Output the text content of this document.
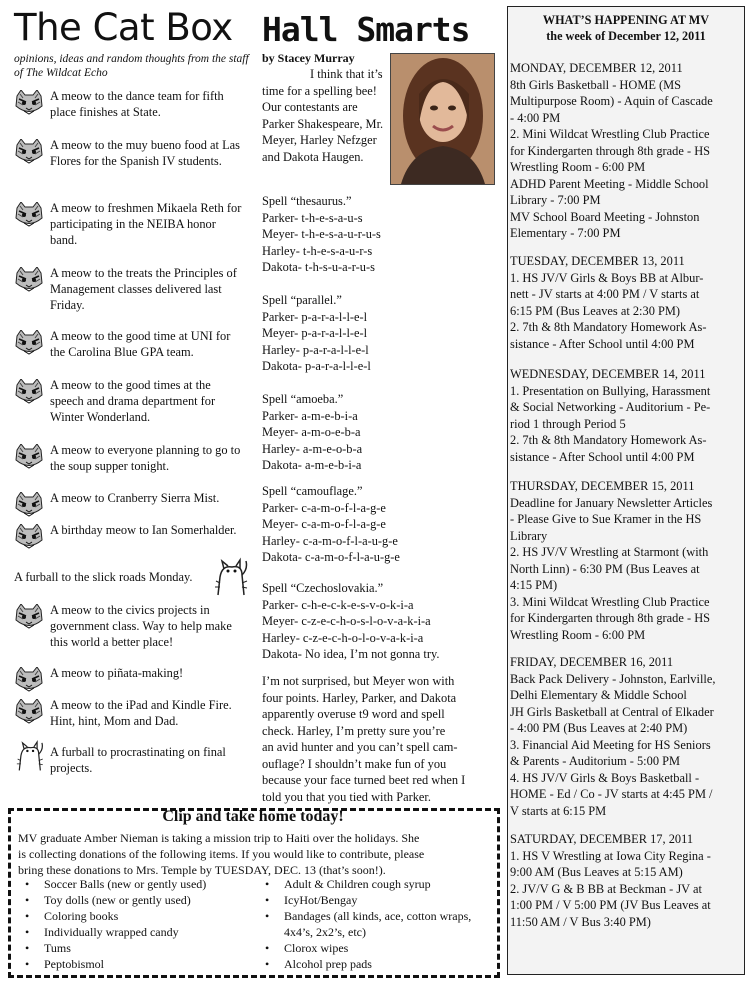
The Cat Box
opinions, ideas and random thoughts from the staff of The Wildcat Echo
A meow to the dance team for fifth place finishes at State.
A meow to the muy bueno food at Las Flores for the Spanish IV students.
A meow to freshmen Mikaela Reth for participating in the NEIBA honor band.
A meow to the treats the Principles of Management classes delivered last Friday.
A meow to the good time at UNI for the Carolina Blue GPA team.
A meow to the good times at the speech and drama department for Winter Wonderland.
A meow to everyone planning to go to the soup supper tonight.
A meow to Cranberry Sierra Mist.
A birthday meow to Ian Somerhalder.
A furball to the slick roads Monday.
A meow to the civics projects in government class. Way to help make this world a better place!
A meow to piñata-making!
A meow to the iPad and Kindle Fire. Hint, hint, Mom and Dad.
A furball to procrastinating on final projects.
Hall Smarts
by Stacey Murray
I think that it’s time for a spelling bee! Our contestants are Parker Shakespeare, Mr. Meyer, Harley Nefzger and Dakota Haugen.
Spell “thesaurus.”
Parker- t-h-e-s-a-u-s
Meyer- t-h-e-s-a-u-r-u-s
Harley- t-h-e-s-a-u-r-s
Dakota- t-h-s-u-a-r-u-s
Spell “parallel.”
Parker- p-a-r-a-l-l-e-l
Meyer- p-a-r-a-l-l-e-l
Harley- p-a-r-a-l-l-e-l
Dakota- p-a-r-a-l-l-e-l
Spell “amoeba.”
Parker- a-m-e-b-i-a
Meyer- a-m-o-e-b-a
Harley- a-m-e-o-b-a
Dakota- a-m-e-b-i-a
Spell “camouflage.”
Parker- c-a-m-o-f-l-a-g-e
Meyer- c-a-m-o-f-l-a-g-e
Harley- c-a-m-o-f-l-a-u-g-e
Dakota- c-a-m-o-f-l-a-u-g-e
Spell “Czechoslovakia.”
Parker- c-h-e-c-k-e-s-v-o-k-i-a
Meyer- c-z-e-c-h-o-s-l-o-v-a-k-i-a
Harley- c-z-e-c-h-o-l-o-v-a-k-i-a
Dakota- No idea, I’m not gonna try.
I’m not surprised, but Meyer won with
four points. Harley, Parker, and Dakota
apparently overuse t9 word and spell
check. Harley, I’m pretty sure you’re
an avid hunter and you can’t spell cam-
ouflage? I shouldn’t make fun of you
because your face turned beet red when I
told you that you tied with Parker.
WHAT’S HAPPENING AT MV
the week of December 12, 2011
MONDAY, DECEMBER 12, 2011
8th Girls Basketball - HOME (MS
Multipurpose Room) - Aquin of Cascade
- 4:00 PM
2. Mini Wildcat Wrestling Club Practice
for Kindergarten through 8th grade - HS
Wrestling Room - 6:00 PM
ADHD Parent Meeting - Middle School
Library - 7:00 PM
MV School Board Meeting - Johnston
Elementary - 7:00 PM
TUESDAY, DECEMBER 13, 2011
1. HS JV/V Girls & Boys BB at Albur-
nett - JV starts at 4:00 PM / V starts at
6:15 PM (Bus Leaves at 2:30 PM)
2. 7th & 8th Mandatory Homework As-
sistance - After School until 4:00 PM
WEDNESDAY, DECEMBER 14, 2011
1. Presentation on Bullying, Harassment
& Social Networking - Auditorium - Pe-
riod 1 through Period 5
2. 7th & 8th Mandatory Homework As-
sistance - After School until 4:00 PM
THURSDAY, DECEMBER 15, 2011
Deadline for January Newsletter Articles
- Please Give to Sue Kramer in the HS
Library
2. HS JV/V Wrestling at Starmont (with
North Linn) - 6:30 PM (Bus Leaves at
4:15 PM)
3. Mini Wildcat Wrestling Club Practice
for Kindergarten through 8th grade - HS
Wrestling Room - 6:00 PM
FRIDAY, DECEMBER 16, 2011
Back Pack Delivery - Johnston, Earlville,
Delhi Elementary & Middle School
JH Girls Basketball at Central of Elkader
- 4:00 PM (Bus Leaves at 2:40 PM)
3. Financial Aid Meeting for HS Seniors
& Parents - Auditorium - 5:00 PM
4. HS JV/V Girls & Boys Basketball -
HOME - Ed / Co - JV starts at 4:45 PM /
V starts at 6:15 PM
SATURDAY, DECEMBER 17, 2011
1. HS V Wrestling at Iowa City Regina -
9:00 AM (Bus Leaves at 5:15 AM)
2. JV/V G & B BB at Beckman - JV at
1:00 PM / V 5:00 PM (JV Bus Leaves at
11:50 AM / V Bus 3:40 PM)
Clip and take home today!
MV graduate Amber Nieman is taking a mission trip to Haiti over the holidays. She
is collecting donations of the following items. If you would like to contribute, please
bring these donations to Mrs. Temple by TUESDAY, DEC. 13 (that’s soon!).
• Soccer Balls (new or gently used)
• Toy dolls (new or gently used)
• Coloring books
• Individually wrapped candy
• Tums
• Peptobismol
• Adult & Children cough syrup
• IcyHot/Bengay
• Bandages (all kinds, ace, cotton wraps, 4x4’s, 2x2’s, etc)
• Clorox wipes
• Alcohol prep pads
